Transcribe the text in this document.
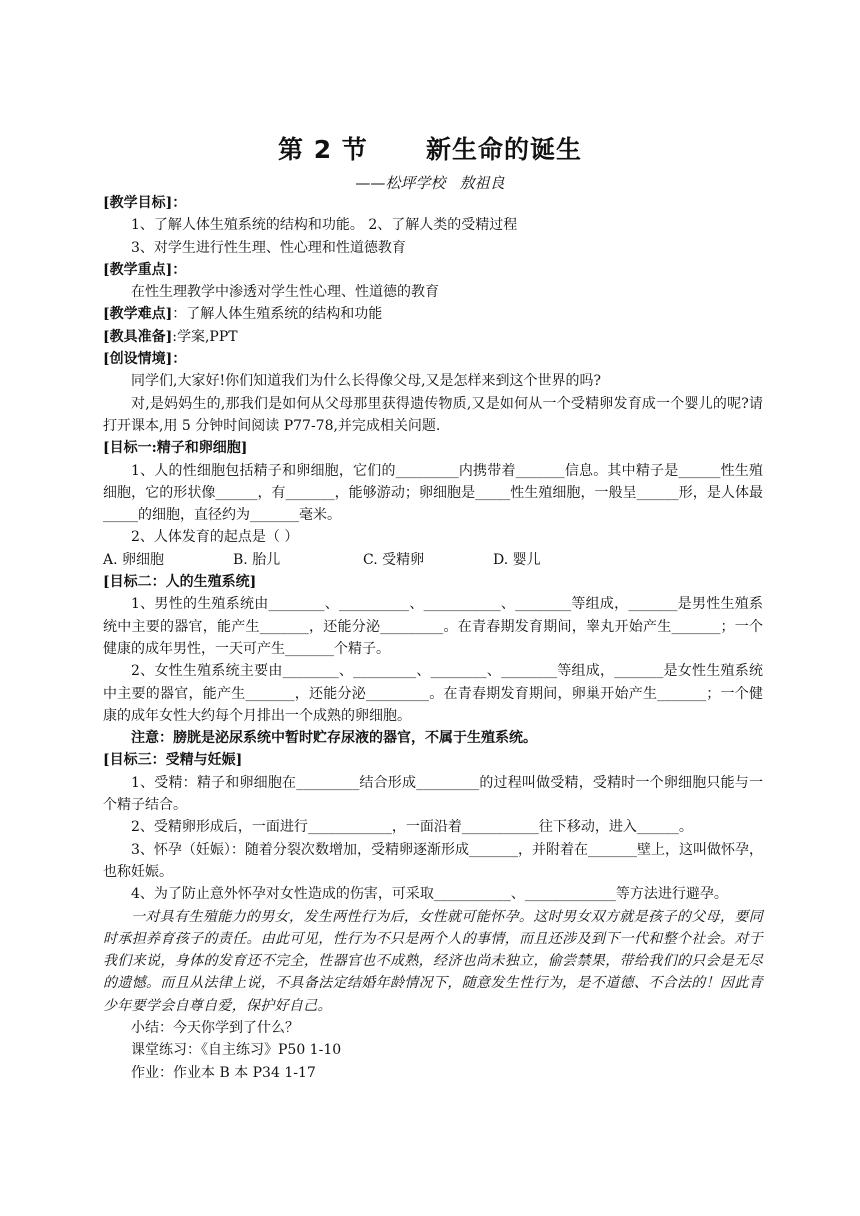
第 2 节      新生命的诞生
——松坪学校   敖祖良

[教学目标]：

1、了解人体生殖系统的结构和功能。 2、了解人类的受精过程

3、对学生进行性生理、性心理和性道德教育

[教学重点]：

在性生理教学中渗透对学生性心理、性道德的教育

[教学难点]：了解人体生殖系统的结构和功能

[教具准备]:学案,PPT

[创设情境]：

同学们,大家好!你们知道我们为什么长得像父母,又是怎样来到这个世界的吗?

对,是妈妈生的,那我们是如何从父母那里获得遗传物质,又是如何从一个受精卵发育成一个婴儿的呢?请打开课本,用 5 分钟时间阅读 P77-78,并完成相关问题.

[目标一:精子和卵细胞]

1、人的性细胞包括精子和卵细胞，它们的_________内携带着_______信息。其中精子是______性生殖细胞，它的形状像______，有_______，能够游动；卵细胞是_____性生殖细胞，一般呈______形，是人体最_____的细胞，直径约为_______毫米。

2、人体发育的起点是（ ）

A. 卵细胞	B. 胎儿	C. 受精卵	D. 婴儿

[目标二：人的生殖系统]

1、男性的生殖系统由________、__________、___________、________等组成，_______是男性生殖系统中主要的器官，能产生_______，还能分泌_________。在青春期发育期间，睾丸开始产生_______；一个健康的成年男性，一天可产生_______个精子。

2、女性生殖系统主要由________、_________、________、________等组成，_______是女性生殖系统中主要的器官，能产生_______，还能分泌_________。在青春期发育期间，卵巢开始产生_______；一个健康的成年女性大约每个月排出一个成熟的卵细胞。

注意：膀胱是泌尿系统中暂时贮存尿液的器官，不属于生殖系统。

[目标三：受精与妊娠]

1、受精：精子和卵细胞在_________结合形成_________的过程叫做受精，受精时一个卵细胞只能与一个精子结合。

2、受精卵形成后，一面进行____________，一面沿着___________往下移动，进入______。

3、怀孕（妊娠）：随着分裂次数增加，受精卵逐渐形成_______，并附着在_______壁上，这叫做怀孕，也称妊娠。

4、为了防止意外怀孕对女性造成的伤害，可采取___________、_____________等方法进行避孕。

一对具有生殖能力的男女，发生两性行为后，女性就可能怀孕。这时男女双方就是孩子的父母，要同时承担养育孩子的责任。由此可见，性行为不只是两个人的事情，而且还涉及到下一代和整个社会。对于我们来说，身体的发育还不完全，性器官也不成熟，经济也尚未独立，偷尝禁果，带给我们的只会是无尽的遗憾。而且从法律上说，不具备法定结婚年龄情况下，随意发生性行为，是不道德、不合法的！因此青少年要学会自尊自爱，保护好自己。

小结：今天你学到了什么？

课堂练习：《自主练习》P50 1-10

作业：作业本 B 本 P34 1-17
